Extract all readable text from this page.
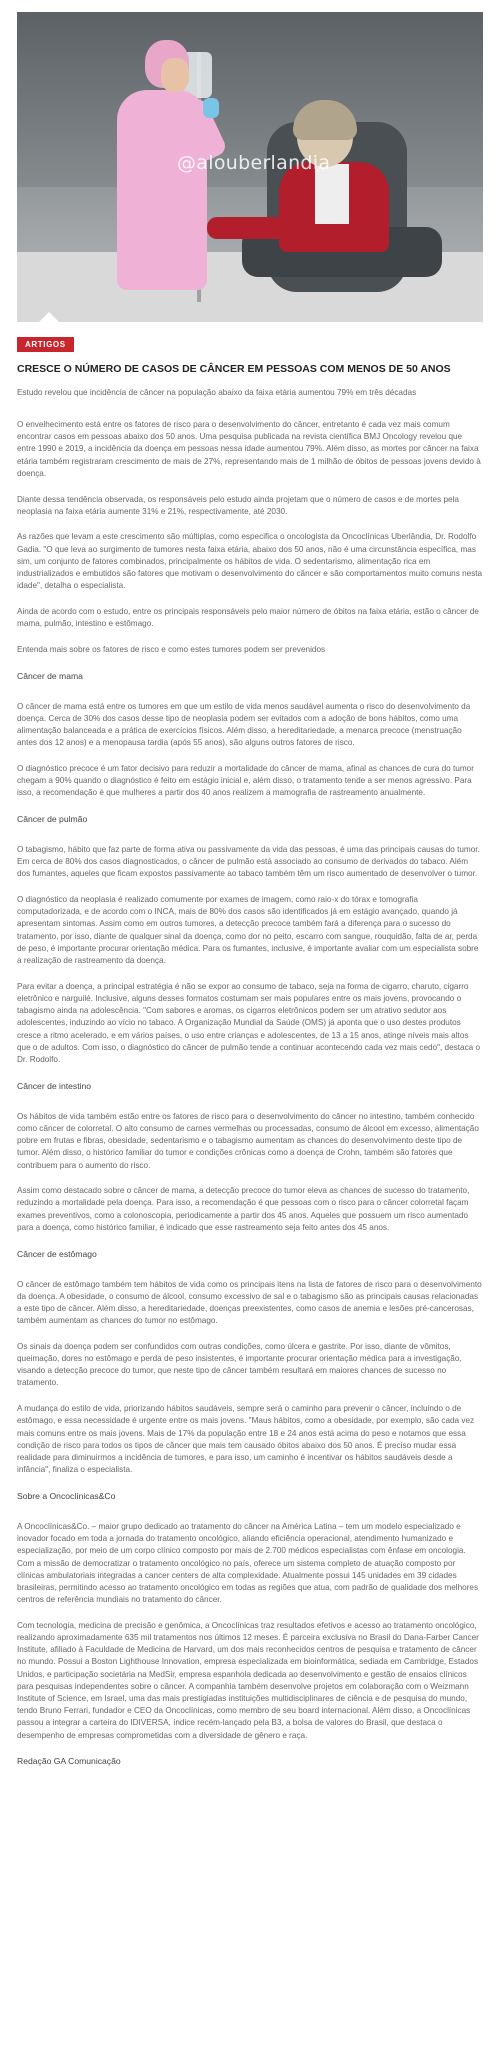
@alouberlandia
ARTIGOS
CRESCE O NÚMERO DE CASOS DE CÂNCER EM PESSOAS COM MENOS DE 50 ANOS

Estudo revelou que incidência de câncer na população abaixo da faixa etária aumentou 79% em três décadas

O envelhecimento está entre os fatores de risco para o desenvolvimento do câncer, entretanto é cada vez mais comum encontrar casos em pessoas abaixo dos 50 anos. Uma pesquisa publicada na revista científica BMJ Oncology revelou que entre 1990 e 2019, a incidência da doença em pessoas nessa idade aumentou 79%. Além disso, as mortes por câncer na faixa etária também registraram crescimento de mais de 27%, representando mais de 1 milhão de óbitos de pessoas jovens devido à doença.

Diante dessa tendência observada, os responsáveis pelo estudo ainda projetam que o número de casos e de mortes pela neoplasia na faixa etária aumente 31% e 21%, respectivamente, até 2030.

As razões que levam a este crescimento são múltiplas, como especifica o oncologista da Oncoclínicas Uberlândia, Dr. Rodolfo Gadia. "O que leva ao surgimento de tumores nesta faixa etária, abaixo dos 50 anos, não é uma circunstância específica, mas sim, um conjunto de fatores combinados, principalmente os hábitos de vida. O sedentarismo, alimentação rica em industrializados e embutidos são fatores que motivam o desenvolvimento do câncer e são comportamentos muito comuns nesta idade", detalha o especialista.

Ainda de acordo com o estudo, entre os principais responsáveis pelo maior número de óbitos na faixa etária, estão o câncer de mama, pulmão, intestino e estômago.

Entenda mais sobre os fatores de risco e como estes tumores podem ser prevenidos

Câncer de mama

O câncer de mama está entre os tumores em que um estilo de vida menos saudável aumenta o risco do desenvolvimento da doença. Cerca de 30% dos casos desse tipo de neoplasia podem ser evitados com a adoção de bons hábitos, como uma alimentação balanceada e a prática de exercícios físicos. Além disso, a hereditariedade, a menarca precoce (menstruação antes dos 12 anos) e a menopausa tardia (após 55 anos), são alguns outros fatores de risco.

O diagnóstico precoce é um fator decisivo para reduzir a mortalidade do câncer de mama, afinal as chances de cura do tumor chegam a 90% quando o diagnóstico é feito em estágio inicial e, além disso, o tratamento tende a ser menos agressivo. Para isso, a recomendação é que mulheres a partir dos 40 anos realizem a mamografia de rastreamento anualmente.

Câncer de pulmão

O tabagismo, hábito que faz parte de forma ativa ou passivamente da vida das pessoas, é uma das principais causas do tumor. Em cerca de 80% dos casos diagnosticados, o câncer de pulmão está associado ao consumo de derivados do tabaco. Além dos fumantes, aqueles que ficam expostos passivamente ao tabaco também têm um risco aumentado de desenvolver o tumor.

O diagnóstico da neoplasia é realizado comumente por exames de imagem, como raio-x do tórax e tomografia computadorizada, e de acordo com o INCA, mais de 80% dos casos são identificados já em estágio avançado, quando já apresentam sintomas. Assim como em outros tumores, a detecção precoce também fará a diferença para o sucesso do tratamento, por isso, diante de qualquer sinal da doença, como dor no peito, escarro com sangue, rouquidão, falta de ar, perda de peso, é importante procurar orientação médica. Para os fumantes, inclusive, é importante avaliar com um especialista sobre a realização de rastreamento da doença.

Para evitar a doença, a principal estratégia é não se expor ao consumo de tabaco, seja na forma de cigarro, charuto, cigarro eletrônico e narguilé. Inclusive, alguns desses formatos costumam ser mais populares entre os mais jovens, provocando o tabagismo ainda na adolescência. "Com sabores e aromas, os cigarros eletrônicos podem ser um atrativo sedutor aos adolescentes, induzindo ao vício no tabaco. A Organização Mundial da Saúde (OMS) já aponta que o uso destes produtos cresce a ritmo acelerado, e em vários países, o uso entre crianças e adolescentes, de 13 a 15 anos, atinge níveis mais altos que o de adultos. Com isso, o diagnóstico do câncer de pulmão tende a continuar acontecendo cada vez mais cedo", destaca o Dr. Rodolfo.

Câncer de intestino

Os hábitos de vida também estão entre os fatores de risco para o desenvolvimento do câncer no intestino, também conhecido como câncer de colorretal. O alto consumo de carnes vermelhas ou processadas, consumo de álcool em excesso, alimentação pobre em frutas e fibras, obesidade, sedentarismo e o tabagismo aumentam as chances do desenvolvimento deste tipo de tumor. Além disso, o histórico familiar do tumor e condições crônicas como a doença de Crohn, também são fatores que contribuem para o aumento do risco.

Assim como destacado sobre o câncer de mama, a detecção precoce do tumor eleva as chances de sucesso do tratamento, reduzindo a mortalidade pela doença. Para isso, a recomendação é que pessoas com o risco para o câncer colorretal façam exames preventivos, como a colonoscopia, periodicamente a partir dos 45 anos. Aqueles que possuem um risco aumentado para a doença, como histórico familiar, é indicado que esse rastreamento seja feito antes dos 45 anos.

Câncer de estômago

O câncer de estômago também tem hábitos de vida como os principais itens na lista de fatores de risco para o desenvolvimento da doença. A obesidade, o consumo de álcool, consumo excessivo de sal e o tabagismo são as principais causas relacionadas a este tipo de câncer. Além disso, a hereditariedade, doenças preexistentes, como casos de anemia e lesões pré-cancerosas, também aumentam as chances do tumor no estômago.

Os sinais da doença podem ser confundidos com outras condições, como úlcera e gastrite. Por isso, diante de vômitos, queimação, dores no estômago e perda de peso insistentes, é importante procurar orientação médica para a investigação, visando a detecção precoce do tumor, que neste tipo de câncer também resultará em maiores chances de sucesso no tratamento.

A mudança do estilo de vida, priorizando hábitos saudáveis, sempre será o caminho para prevenir o câncer, incluindo o de estômago, e essa necessidade é urgente entre os mais jovens. "Maus hábitos, como a obesidade, por exemplo, são cada vez mais comuns entre os mais jovens. Mais de 17% da população entre 18 e 24 anos está acima do peso e notamos que essa condição de risco para todos os tipos de câncer que mais tem causado óbitos abaixo dos 50 anos. É preciso mudar essa realidade para diminuirmos a incidência de tumores, e para isso, um caminho é incentivar os hábitos saudáveis desde a infância", finaliza o especialista.

Sobre a Oncoclínicas&Co

A Oncoclínicas&Co. – maior grupo dedicado ao tratamento do câncer na América Latina – tem um modelo especializado e inovador focado em toda a jornada do tratamento oncológico, aliando eficiência operacional, atendimento humanizado e especialização, por meio de um corpo clínico composto por mais de 2.700 médicos especialistas com ênfase em oncologia. Com a missão de democratizar o tratamento oncológico no país, oferece um sistema completo de atuação composto por clínicas ambulatoriais integradas a cancer centers de alta complexidade. Atualmente possui 145 unidades em 39 cidades brasileiras, permitindo acesso ao tratamento oncológico em todas as regiões que atua, com padrão de qualidade dos melhores centros de referência mundiais no tratamento do câncer.

Com tecnologia, medicina de precisão e genômica, a Oncoclínicas traz resultados efetivos e acesso ao tratamento oncológico, realizando aproximadamente 635 mil tratamentos nos últimos 12 meses. É parceira exclusiva no Brasil do Dana-Farber Cancer Institute, afiliado à Faculdade de Medicina de Harvard, um dos mais reconhecidos centros de pesquisa e tratamento de câncer no mundo. Possui a Boston Lighthouse Innovation, empresa especializada em bioinformática, sediada em Cambridge, Estados Unidos, e participação societária na MedSir, empresa espanhola dedicada ao desenvolvimento e gestão de ensaios clínicos para pesquisas independentes sobre o câncer. A companhia também desenvolve projetos em colaboração com o Weizmann Institute of Science, em Israel, uma das mais prestigiadas instituições multidisciplinares de ciência e de pesquisa do mundo, tendo Bruno Ferrari, fundador e CEO da Oncoclínicas, como membro de seu board internacional. Além disso, a Oncoclínicas passou a integrar a carteira do IDIVERSA, índice recém-lançado pela B3, a bolsa de valores do Brasil, que destaca o desempenho de empresas comprometidas com a diversidade de gênero e raça.

Redação GA Comunicação
